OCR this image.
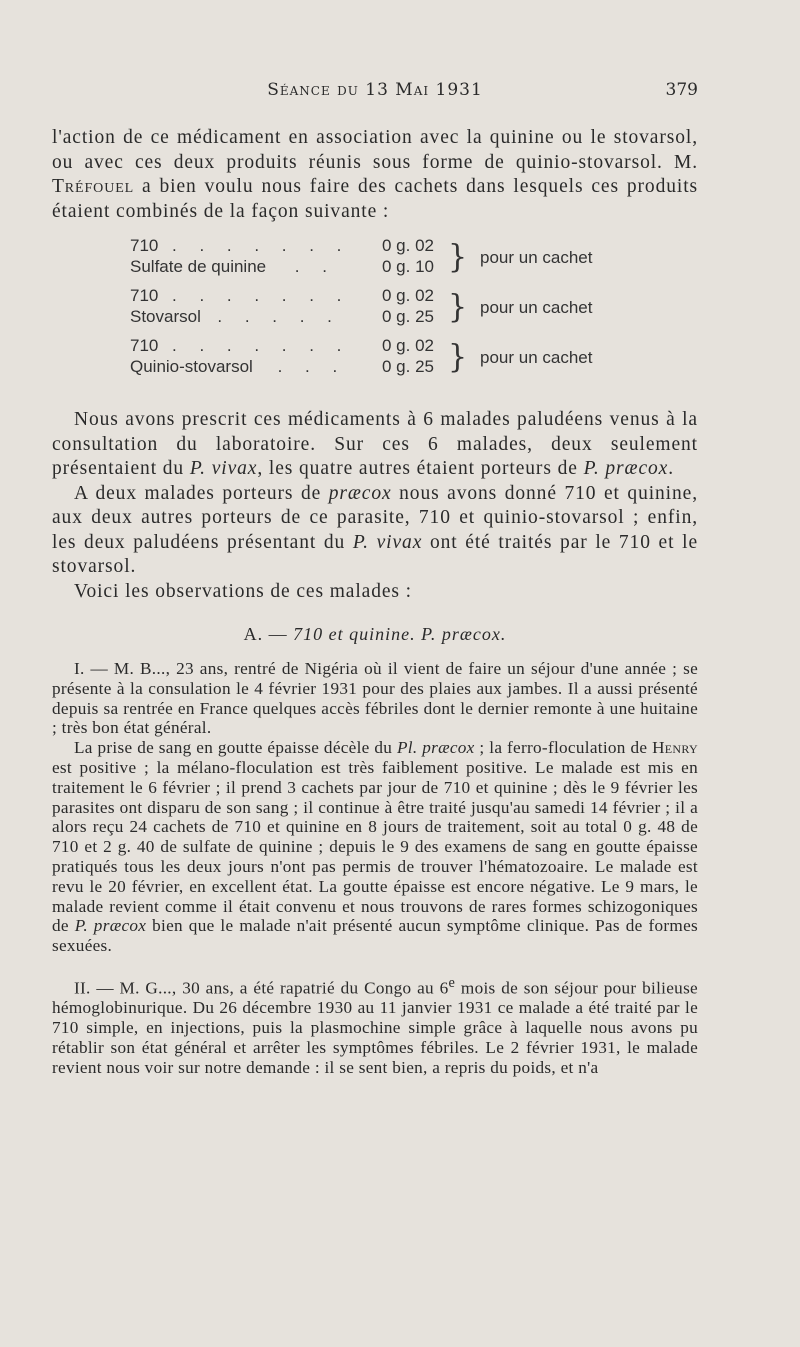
Séance du 13 Mai 1931	379

l'action de ce médicament en association avec la quinine ou le stovarsol, ou avec ces deux produits réunis sous forme de quinio-stovarsol. M. Tréfouel a bien voulu nous faire des cachets dans lesquels ces produits étaient combinés de la façon suivante :

710 . . . . . . . 0 g. 02
Sulfate de quinine . .	0 g. 10 } pour un cachet
710 . . . . . . . 0 g. 02
Stovarsol . . . . . 0 g. 25 } pour un cachet
710 . . . . . . . 0 g. 02
Quinio-stovarsol . . . 0 g. 25 } pour un cachet

Nous avons prescrit ces médicaments à 6 malades paludéens venus à la consultation du laboratoire. Sur ces 6 malades, deux seulement présentaient du P. vivax, les quatre autres étaient porteurs de P. præcox.

A deux malades porteurs de præcox nous avons donné 710 et quinine, aux deux autres porteurs de ce parasite, 710 et quinio-stovarsol ; enfin, les deux paludéens présentant du P. vivax ont été traités par le 710 et le stovarsol.

Voici les observations de ces malades :

A. — 710 et quinine. P. præcox.

I. — M. B..., 23 ans, rentré de Nigéria où il vient de faire un séjour d'une année ; se présente à la consulation le 4 février 1931 pour des plaies aux jambes. Il a aussi présenté depuis sa rentrée en France quelques accès fébriles dont le dernier remonte à une huitaine ; très bon état général.

La prise de sang en goutte épaisse décèle du Pl. præcox ; la ferro-floculation de Henry est positive ; la mélano-floculation est très faiblement positive. Le malade est mis en traitement le 6 février ; il prend 3 cachets par jour de 710 et quinine ; dès le 9 février les parasites ont disparu de son sang ; il continue à être traité jusqu'au samedi 14 février ; il a alors reçu 24 cachets de 710 et quinine en 8 jours de traitement, soit au total 0 g. 48 de 710 et 2 g. 40 de sulfate de quinine ; depuis le 9 des examens de sang en goutte épaisse pratiqués tous les deux jours n'ont pas permis de trouver l'hématozoaire. Le malade est revu le 20 février, en excellent état. La goutte épaisse est encore négative. Le 9 mars, le malade revient comme il était convenu et nous trouvons de rares formes schizogoniques de P. præcox bien que le malade n'ait présenté aucun symptôme clinique. Pas de formes sexuées.

II. — M. G..., 30 ans, a été rapatrié du Congo au 6e mois de son séjour pour bilieuse hémoglobinurique. Du 26 décembre 1930 au 11 janvier 1931 ce malade a été traité par le 710 simple, en injections, puis la plasmochine simple grâce à laquelle nous avons pu rétablir son état général et arrêter les symptômes fébriles. Le 2 février 1931, le malade revient nous voir sur notre demande : il se sent bien, a repris du poids, et n'a
